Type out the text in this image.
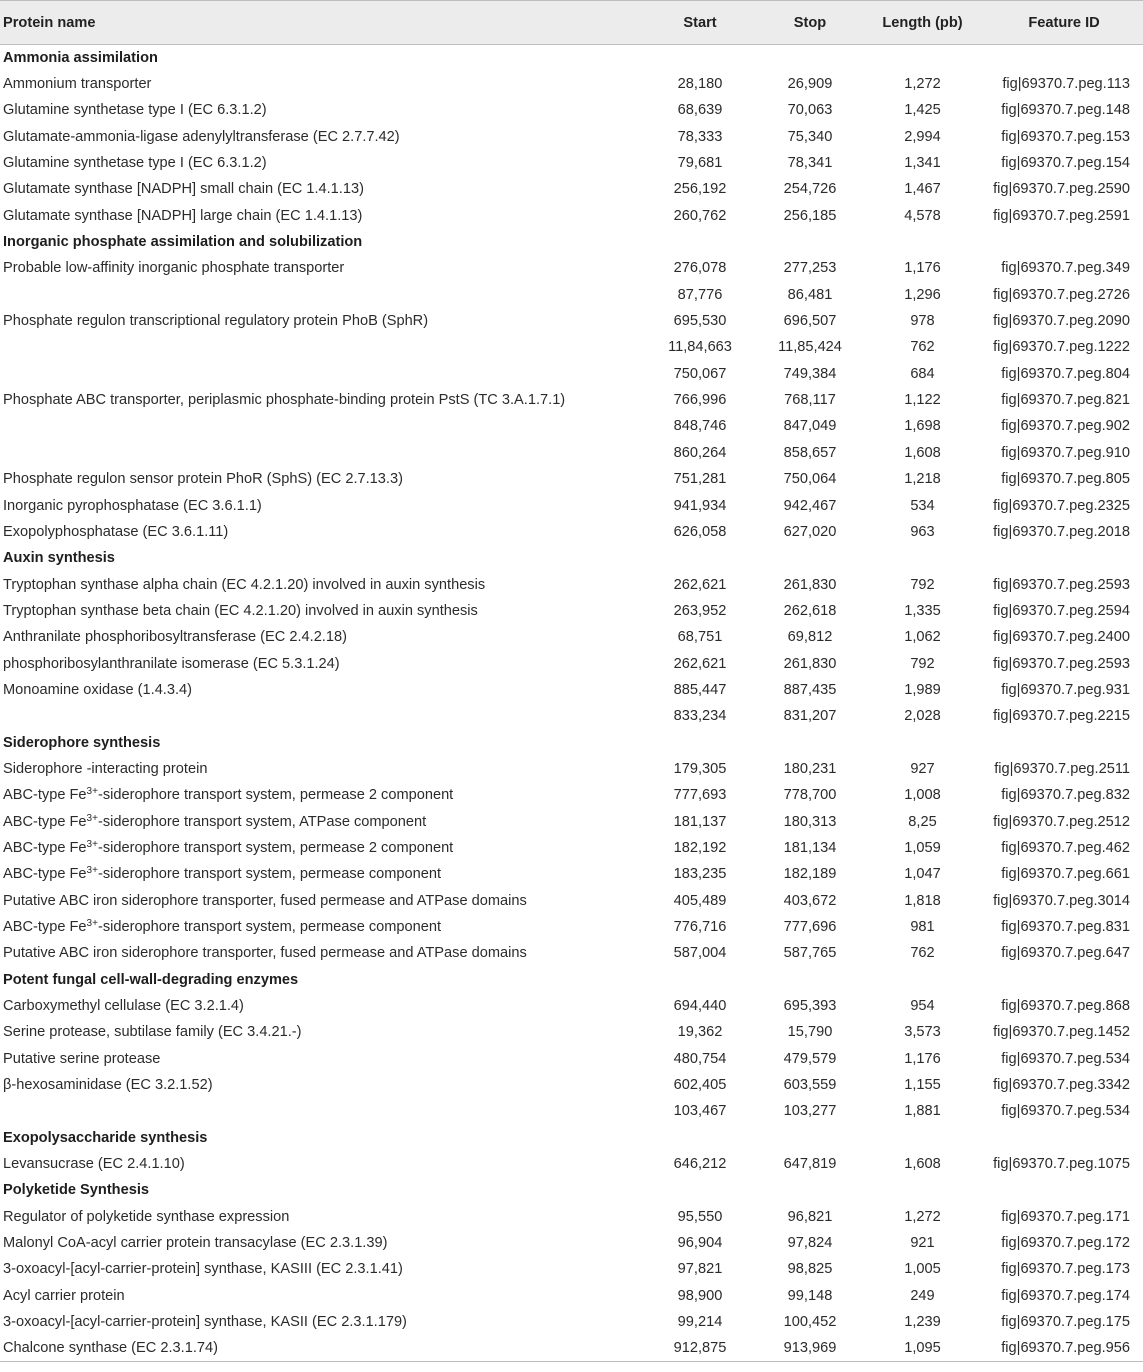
Protein name	Start	Stop	Length (pb)	Feature ID
Ammonia assimilation				
Ammonium transporter	28,180	26,909	1,272	fig|69370.7.peg.113
Glutamine synthetase type I (EC 6.3.1.2)	68,639	70,063	1,425	fig|69370.7.peg.148
Glutamate-ammonia-ligase adenylyltransferase (EC 2.7.7.42)	78,333	75,340	2,994	fig|69370.7.peg.153
Glutamine synthetase type I (EC 6.3.1.2)	79,681	78,341	1,341	fig|69370.7.peg.154
Glutamate synthase [NADPH] small chain (EC 1.4.1.13)	256,192	254,726	1,467	fig|69370.7.peg.2590
Glutamate synthase [NADPH] large chain (EC 1.4.1.13)	260,762	256,185	4,578	fig|69370.7.peg.2591
Inorganic phosphate assimilation and solubilization				
Probable low-affinity inorganic phosphate transporter	276,078	277,253	1,176	fig|69370.7.peg.349
	87,776	86,481	1,296	fig|69370.7.peg.2726
Phosphate regulon transcriptional regulatory protein PhoB (SphR)	695,530	696,507	978	fig|69370.7.peg.2090
	11,84,663	11,85,424	762	fig|69370.7.peg.1222
	750,067	749,384	684	fig|69370.7.peg.804
Phosphate ABC transporter, periplasmic phosphate-binding protein PstS (TC 3.A.1.7.1)	766,996	768,117	1,122	fig|69370.7.peg.821
	848,746	847,049	1,698	fig|69370.7.peg.902
	860,264	858,657	1,608	fig|69370.7.peg.910
Phosphate regulon sensor protein PhoR (SphS) (EC 2.7.13.3)	751,281	750,064	1,218	fig|69370.7.peg.805
Inorganic pyrophosphatase (EC 3.6.1.1)	941,934	942,467	534	fig|69370.7.peg.2325
Exopolyphosphatase (EC 3.6.1.11)	626,058	627,020	963	fig|69370.7.peg.2018
Auxin synthesis				
Tryptophan synthase alpha chain (EC 4.2.1.20) involved in auxin synthesis	262,621	261,830	792	fig|69370.7.peg.2593
Tryptophan synthase beta chain (EC 4.2.1.20) involved in auxin synthesis	263,952	262,618	1,335	fig|69370.7.peg.2594
Anthranilate phosphoribosyltransferase (EC 2.4.2.18)	68,751	69,812	1,062	fig|69370.7.peg.2400
phosphoribosylanthranilate isomerase (EC 5.3.1.24)	262,621	261,830	792	fig|69370.7.peg.2593
Monoamine oxidase (1.4.3.4)	885,447	887,435	1,989	fig|69370.7.peg.931
	833,234	831,207	2,028	fig|69370.7.peg.2215
Siderophore synthesis				
Siderophore -interacting protein	179,305	180,231	927	fig|69370.7.peg.2511
ABC-type $Fe^{3+}$-siderophore transport system, permease 2 component	777,693	778,700	1,008	fig|69370.7.peg.832
ABC-type $Fe^{3+}$-siderophore transport system, ATPase component	181,137	180,313	8,25	fig|69370.7.peg.2512
ABC-type $Fe^{3+}$-siderophore transport system, permease 2 component	182,192	181,134	1,059	fig|69370.7.peg.462
ABC-type $Fe^{3+}$-siderophore transport system, permease component	183,235	182,189	1,047	fig|69370.7.peg.661
Putative ABC iron siderophore transporter, fused permease and ATPase domains	405,489	403,672	1,818	fig|69370.7.peg.3014
ABC-type $Fe^{3+}$-siderophore transport system, permease component	776,716	777,696	981	fig|69370.7.peg.831
Putative ABC iron siderophore transporter, fused permease and ATPase domains	587,004	587,765	762	fig|69370.7.peg.647
Potent fungal cell-wall-degrading enzymes				
Carboxymethyl cellulase (EC 3.2.1.4)	694,440	695,393	954	fig|69370.7.peg.868
Serine protease, subtilase family (EC 3.4.21.-)	19,362	15,790	3,573	fig|69370.7.peg.1452
Putative serine protease	480,754	479,579	1,176	fig|69370.7.peg.534
β-hexosaminidase (EC 3.2.1.52)	602,405	603,559	1,155	fig|69370.7.peg.3342
	103,467	103,277	1,881	fig|69370.7.peg.534
Exopolysaccharide synthesis				
Levansucrase (EC 2.4.1.10)	646,212	647,819	1,608	fig|69370.7.peg.1075
Polyketide Synthesis				
Regulator of polyketide synthase expression	95,550	96,821	1,272	fig|69370.7.peg.171
Malonyl CoA-acyl carrier protein transacylase (EC 2.3.1.39)	96,904	97,824	921	fig|69370.7.peg.172
3-oxoacyl-[acyl-carrier-protein] synthase, KASIII (EC 2.3.1.41)	97,821	98,825	1,005	fig|69370.7.peg.173
Acyl carrier protein	98,900	99,148	249	fig|69370.7.peg.174
3-oxoacyl-[acyl-carrier-protein] synthase, KASII (EC 2.3.1.179)	99,214	100,452	1,239	fig|69370.7.peg.175
Chalcone synthase (EC 2.3.1.74)	912,875	913,969	1,095	fig|69370.7.peg.956
